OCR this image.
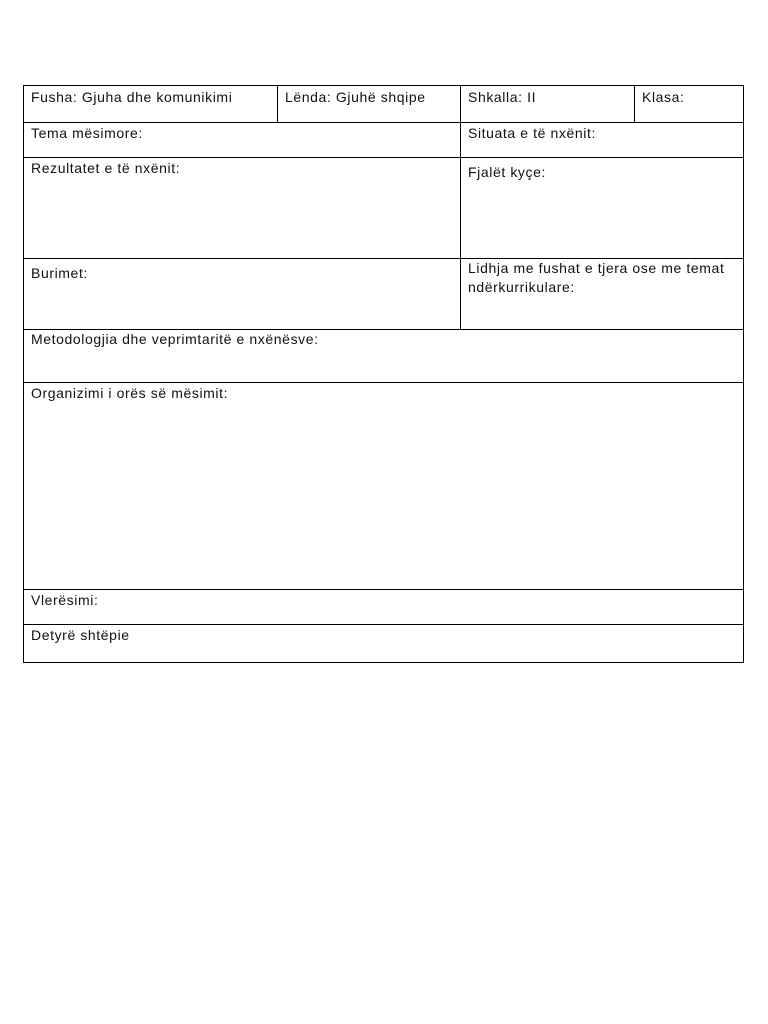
Fusha: Gjuha dhe komunikimi	Lënda: Gjuhë shqipe	Shkalla: II	Klasa:
Tema mësimore:	Situata e të nxënit:
Rezultatet e të nxënit:	Fjalët kyçe:
Burimet:	Lidhja me fushat e tjera ose me temat ndërkurrikulare:
Metodologjia dhe veprimtaritë e nxënësve:
Organizimi i orës së mësimit:
Vlerësimi:
Detyrë shtëpie
